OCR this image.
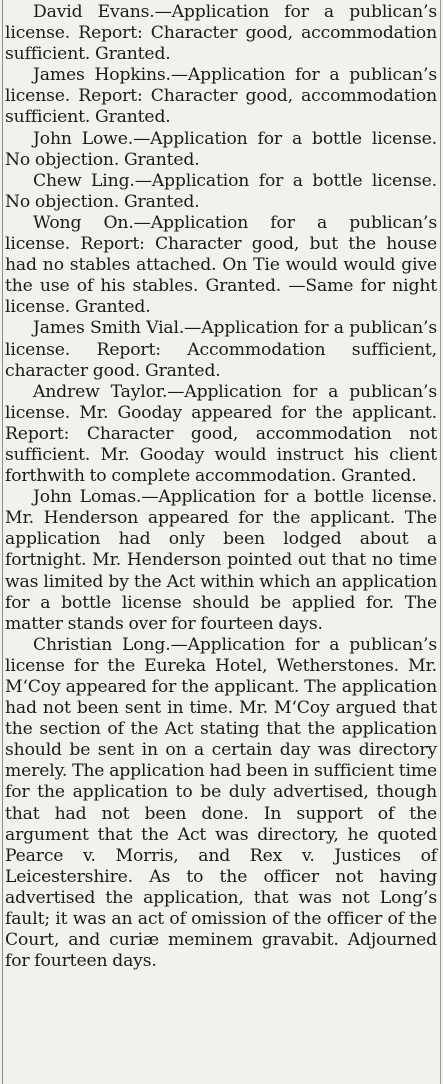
David Evans.—Application for a publican’s license. Report: Character good, accommodation sufficient. Granted.

James Hopkins.—Application for a publican’s license. Report: Character good, accommodation sufficient. Granted.

John Lowe.—Application for a bottle license. No objection. Granted.

Chew Ling.—Application for a bottle license. No objection. Granted.

Wong On.—Application for a publican’s license. Report: Character good, but the house had no stables attached. On Tie would would give the use of his stables. Granted. —Same for night license. Granted.

James Smith Vial.—Application for a publican’s license. Report: Accommodation sufficient, character good. Granted.

Andrew Taylor.—Application for a publican’s license. Mr. Gooday appeared for the applicant. Report: Character good, accommodation not sufficient. Mr. Gooday would instruct his client forthwith to complete accommodation. Granted.

John Lomas.—Application for a bottle license. Mr. Henderson appeared for the applicant. The application had only been lodged about a fortnight. Mr. Henderson pointed out that no time was limited by the Act within which an application for a bottle license should be applied for. The matter stands over for fourteen days.

Christian Long.—Application for a publican’s license for the Eureka Hotel, Wetherstones. Mr. M‘Coy appeared for the applicant. The application had not been sent in time. Mr. M‘Coy argued that the section of the Act stating that the application should be sent in on a certain day was directory merely. The application had been in sufficient time for the application to be duly advertised, though that had not been done. In support of the argument that the Act was directory, he quoted Pearce v. Morris, and Rex v. Justices of Leicestershire. As to the officer not having advertised the application, that was not Long’s fault; it was an act of omission of the officer of the Court, and curiæ meminem gravabit. Adjourned for fourteen days.
